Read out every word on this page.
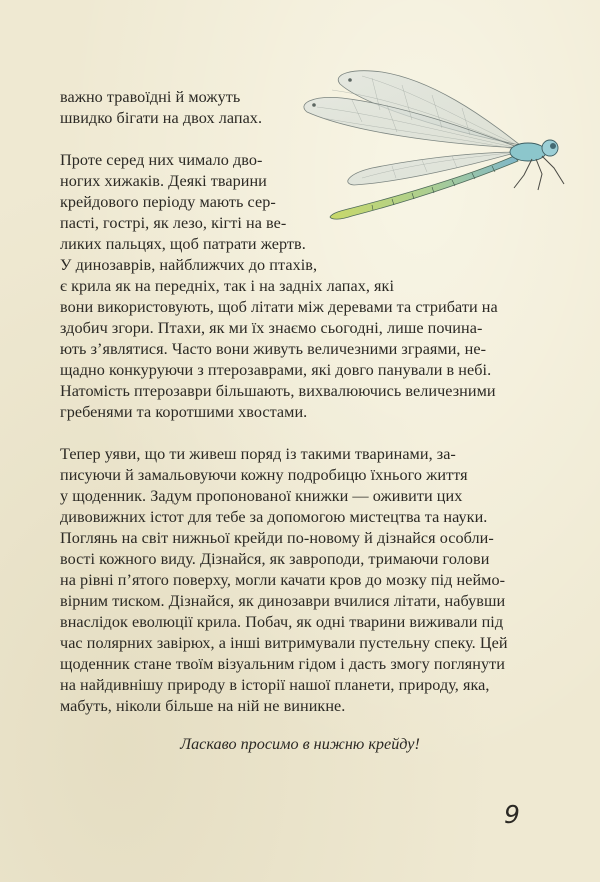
важно травоїдні й можуть
швидко бігати на двох лапах.
Проте серед них чимало дво-
ногих хижаків. Деякі тварини
крейдового періоду мають сер-
пасті, гострі, як лезо, кігті на ве-
ликих пальцях, щоб патрати жертв.
У динозаврів, найближчих до птахів,
є крила як на передніх, так і на задніх лапах, які
вони використовують, щоб літати між деревами та стрибати на
здобич згори. Птахи, як ми їх знаємо сьогодні, лише почина-
ють з’являтися. Часто вони живуть величезними зграями, не-
щадно конкуруючи з птерозаврами, які довго панували в небі.
Натомість птерозаври більшають, вихвалюючись величезними
гребенями та коротшими хвостами.
Тепер уяви, що ти живеш поряд із такими тваринами, за-
писуючи й замальовуючи кожну подробицю їхнього життя
у щоденник. Задум пропонованої книжки — оживити цих
дивовижних істот для тебе за допомогою мистецтва та науки.
Поглянь на світ нижньої крейди по-новому й дізнайся особли-
вості кожного виду. Дізнайся, як завроподи, тримаючи голови
на рівні п’ятого поверху, могли качати кров до мозку під неймо-
вірним тиском. Дізнайся, як динозаври вчилися літати, набувши
внаслідок еволюції крила. Побач, як одні тварини виживали під
час полярних завірюх, а інші витримували пустельну спеку. Цей
щоденник стане твоїм візуальним гідом і дасть змогу поглянути
на найдивнішу природу в історії нашої планети, природу, яка,
мабуть, ніколи більше на ній не виникне.
Ласкаво просимо в нижню крейду!
9
